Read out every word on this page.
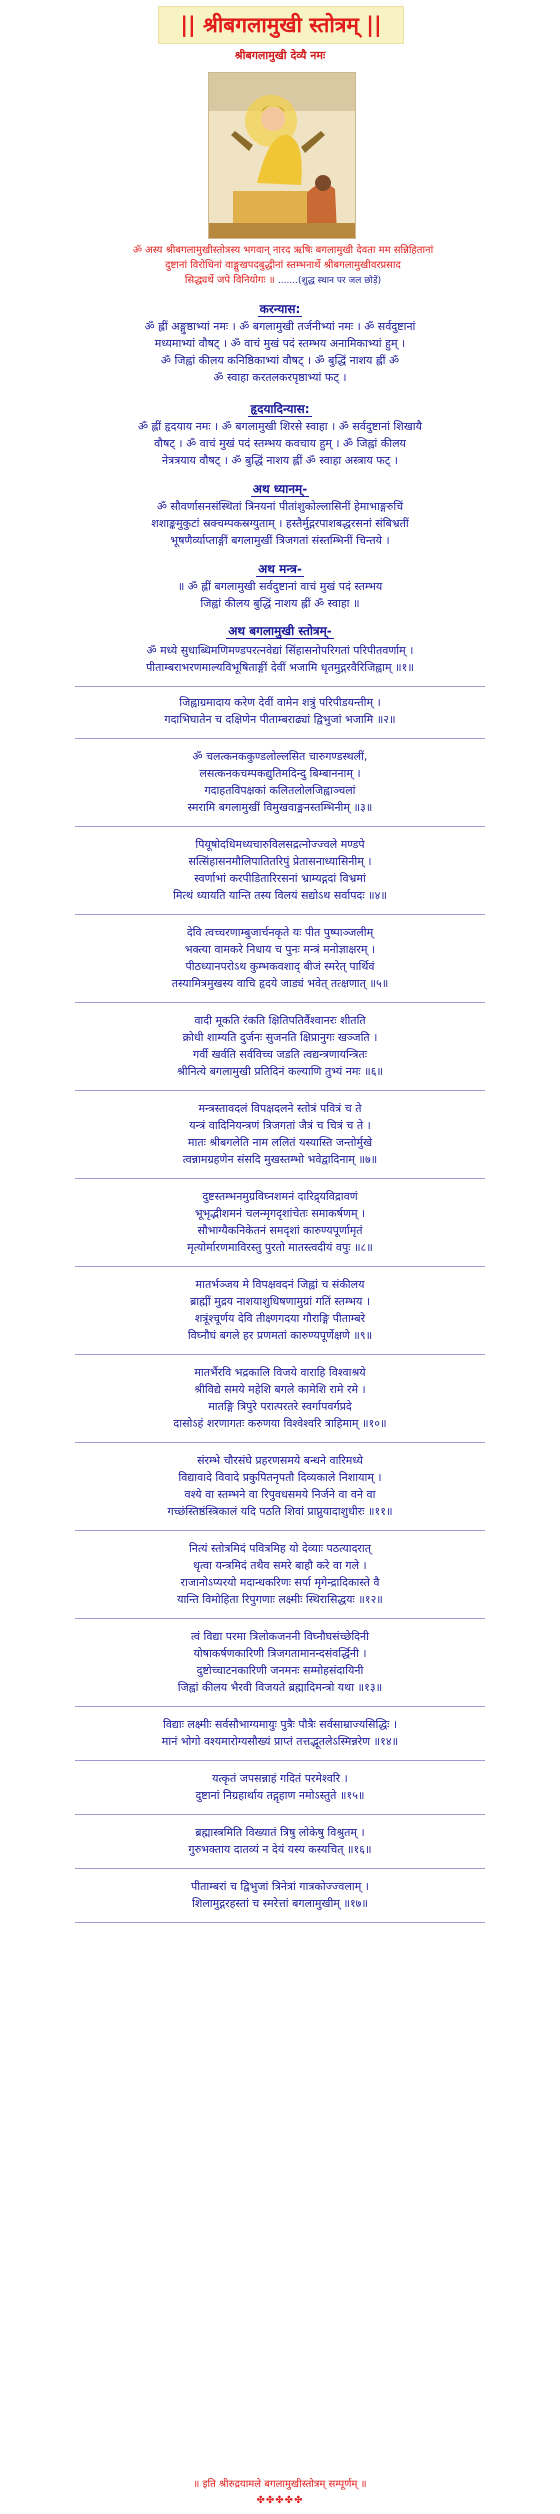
|| श्रीबगलामुखी स्तोत्रम् ||
श्रीबगलामुखी देव्यै नमः
ॐ अस्य श्रीबगलामुखीस्तोत्रस्य भगवान् नारद ऋषिः बगलामुखी देवता मम सन्निहितानां
दुष्टानां विरोधिनां वाङ्मुखपदबुद्धीनां स्तम्भनार्थे श्रीबगलामुखीवरप्रसाद
सिद्ध्यर्थे जपे विनियोगः ॥ .......(शुद्ध स्थान पर जल छोड़ें)
करन्यास:
ॐ ह्लीं अङ्गुष्ठाभ्यां नमः । ॐ बगलामुखी तर्जनीभ्यां नमः । ॐ सर्वदुष्टानां
मध्यमाभ्यां वौषट् । ॐ वाचं मुखं पदं स्तम्भय अनामिकाभ्यां हुम् ।
ॐ जिह्वां कीलय कनिष्ठिकाभ्यां वौषट् । ॐ बुद्धिं नाशय ह्लीं ॐ
ॐ स्वाहा करतलकरपृष्ठाभ्यां फट् ।
हृदयादिन्यास:
ॐ ह्लीं हृदयाय नमः । ॐ बगलामुखी शिरसे स्वाहा । ॐ सर्वदुष्टानां शिखायै
वौषट् । ॐ वाचं मुखं पदं स्तम्भय कवचाय हुम् । ॐ जिह्वां कीलय
नेत्रत्रयाय वौषट् । ॐ बुद्धिं नाशय ह्लीं ॐ स्वाहा अस्त्राय फट् ।
अथ ध्यानम्-
ॐ सौवर्णासनसंस्थितां त्रिनयनां पीतांशुकोल्लासिनीं हेमाभाङ्गरुचिं
शशाङ्कमुकुटां स्रक्चम्पकस्रग्युताम् । हस्तैर्मुद्गरपाशबद्धरसनां संबिभ्रतीं
भूषणैर्व्याप्ताङ्गीं बगलामुखीं त्रिजगतां संस्तम्भिनीं चिन्तये ।
अथ मन्त्र-
॥ ॐ ह्लीं बगलामुखी सर्वदुष्टानां वाचं मुखं पदं स्तम्भय
जिह्वां कीलय बुद्धिं नाशय ह्लीं ॐ स्वाहा ॥
अथ बगलामुखी स्तोत्रम्-
ॐ मध्ये सुधाब्धिमणिमण्डपरत्नवेद्यां सिंहासनोपरिगतां परिपीतवर्णाम् ।
पीताम्बराभरणमाल्यविभूषिताङ्गीं देवीं भजामि धृतमुद्गरवैरिजिह्वाम् ॥१॥
जिह्वाग्रमादाय करेण देवीं वामेन शत्रुं परिपीडयन्तीम् ।
गदाभिघातेन च दक्षिणेन पीताम्बराढ्यां द्विभुजां भजामि ॥२॥
ॐ चलत्कनककुण्डलोल्लसित चारुगण्डस्थलीं,
लसत्कनकचम्पकद्युतिमदिन्दु बिम्बाननाम् ।
गदाहतविपक्षकां कलितलोलजिह्वाञ्चलां
स्मरामि बगलामुखीं विमुखवाङ्मनस्तम्भिनीम् ॥३॥
पियूषोदधिमध्यचारुविलसद्रत्नोज्ज्वले मण्डपे
सत्सिंहासनमौलिपातितरिपुं प्रेतासनाध्यासिनीम् ।
स्वर्णाभां करपीडितारिरसनां भ्राम्यद्गदां विभ्रमां
मित्थं ध्यायति यान्ति तस्य विलयं सद्योऽथ सर्वापदः ॥४॥
देवि त्वच्चरणाम्बुजार्चनकृते यः पीत पुष्पाञ्जलीम्
भक्त्या वामकरे निधाय च पुनः मन्त्रं मनोज्ञाक्षरम् ।
पीठध्यानपरोऽथ कुम्भकवशाद् बीजं स्मरेत् पार्थिवं
तस्यामित्रमुखस्य वाचि हृदये जाड्यं भवेत् तत्क्षणात् ॥५॥
वादी मूकति रंकति क्षितिपतिर्वैश्वानरः शीतति
क्रोधी शाम्यति दुर्जनः सुजनति क्षिप्रानुगः खञ्जति ।
गर्वी खर्वति सर्वविच्च जडति त्वद्यन्त्रणायन्त्रितः
श्रीनित्ये बगलामुखी प्रतिदिनं कल्याणि तुभ्यं नमः ॥६॥
मन्त्रस्तावदलं विपक्षदलने स्तोत्रं पवित्रं च ते
यन्त्रं वादिनियन्त्रणं त्रिजगतां जैत्रं च चित्रं च ते ।
मातः श्रीबगलेति नाम ललितं यस्यास्ति जन्तोर्मुखे
त्वन्नामग्रहणेन संसदि मुखस्तम्भो भवेद्वादिनाम् ॥७॥
दुष्टस्तम्भनमुग्रविघ्नशमनं दारिद्र्यविद्रावणं
भूभृद्भीशमनं चलन्मृगदृशांचेतः समाकर्षणम् ।
सौभाग्यैकनिकेतनं समदृशां कारुण्यपूर्णामृतं
मृत्योर्मारणमाविरस्तु पुरतो मातस्त्वदीयं वपुः ॥८॥
मातर्भञ्जय मे विपक्षवदनं जिह्वां च संकीलय
ब्राह्मीं मुद्रय नाशयाशुधिषणामुग्रां गतिं स्तम्भय ।
शत्रूंश्चूर्णय देवि तीक्ष्णगदया गौराङ्गि पीताम्बरे
विघ्नौघं बगले हर प्रणमतां कारुण्यपूर्णेक्षणे ॥९॥
मातर्भैरवि भद्रकालि विजये वाराहि विश्वाश्रये
श्रीविद्ये समये महेशि बगले कामेशि रामे रमे ।
मातङ्गि त्रिपुरे परात्परतरे स्वर्गापवर्गप्रदे
दासोऽहं शरणागतः करुणया विश्वेश्वरि त्राहिमाम् ॥१०॥
संरम्भे चौरसंघे प्रहरणसमये बन्धने वारिमध्ये
विद्यावादे विवादे प्रकुपितनृपतौ दिव्यकाले निशायाम् ।
वश्ये वा स्तम्भने वा रिपुवधसमये निर्जने वा वने वा
गच्छंस्तिष्ठंस्त्रिकालं यदि पठति शिवां प्राप्नुयादाशुधीरः ॥११॥
नित्यं स्तोत्रमिदं पवित्रमिह यो देव्याः पठत्यादरात्
धृत्वा यन्त्रमिदं तथैव समरे बाहौ करे वा गले ।
राजानोऽप्यरयो मदान्धकरिणः सर्पा मृगेन्द्रादिकास्ते वै
यान्ति विमोहिता रिपुगणाः लक्ष्मीः स्थिरासिद्धयः ॥१२॥
त्वं विद्या परमा त्रिलोकजननी विघ्नौघसंच्छेदिनी
योषाकर्षणकारिणी त्रिजगतामानन्दसंवर्द्धिनी ।
दुष्टोच्चाटनकारिणी जनमनः सम्मोहसंदायिनी
जिह्वां कीलय भैरवी विजयते ब्रह्मादिमन्त्रो यथा ॥१३॥
विद्याः लक्ष्मीः सर्वसौभाग्यमायुः पुत्रैः पौत्रैः सर्वसाम्राज्यसिद्धिः ।
मानं भोगो वश्यमारोग्यसौख्यं प्राप्तं तत्तद्भूतलेऽस्मिन्नरेण ॥१४॥
यत्कृतं जपसन्नाहं गदितं परमेश्वरि ।
दुष्टानां निग्रहार्थाय तद्गृहाण नमोऽस्तुते ॥१५॥
ब्रह्मास्त्रमिति विख्यातं त्रिषु लोकेषु विश्रुतम् ।
गुरुभक्ताय दातव्यं न देयं यस्य कस्यचित् ॥१६॥
पीताम्बरां च द्विभुजां त्रिनेत्रां गात्रकोज्ज्वलाम् ।
शिलामुद्गरहस्तां च स्मरेत्तां बगलामुखीम् ॥१७॥
॥ इति श्रीरुद्रयामले बगलामुखीस्तोत्रम् सम्पूर्णम् ॥
✤✤✤✤✤
